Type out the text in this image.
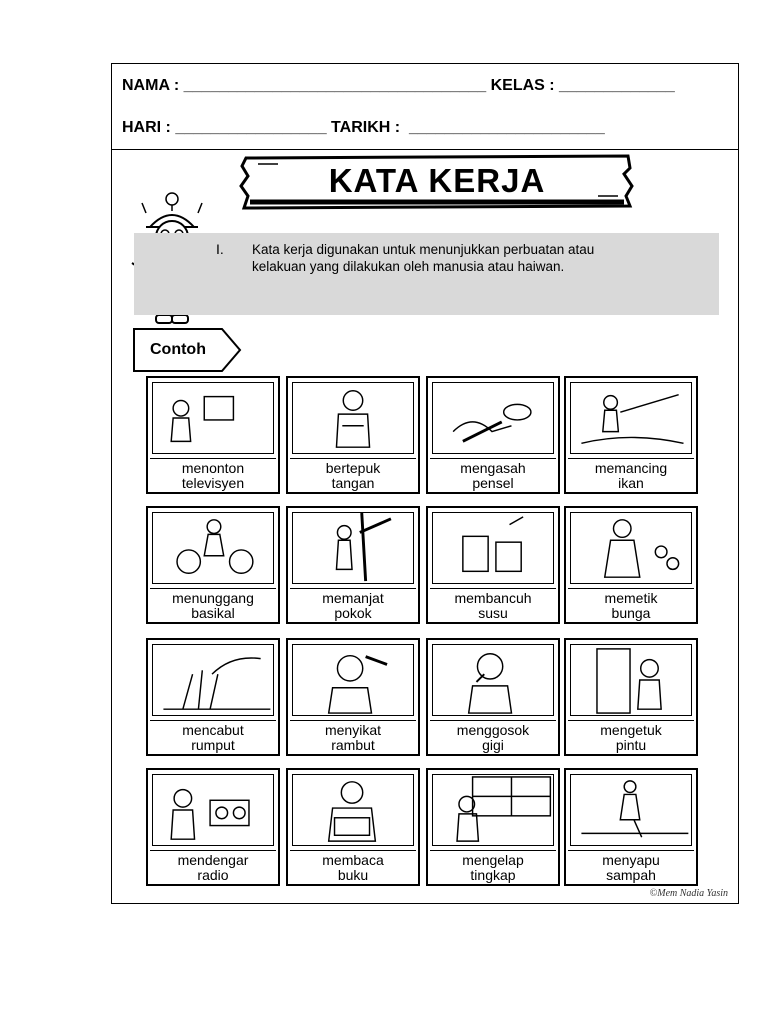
NAMA : __________________________________ KELAS : _____________
HARI : _________________ TARIKH :  ______________________
KATA KERJA
I. Kata kerja digunakan untuk menunjukkan perbuatan atau
kelakuan yang dilakukan oleh manusia atau haiwan.
Contoh
menonton
televisyen
bertepuk
tangan
mengasah
pensel
memancing
ikan
menunggang
basikal
memanjat
pokok
membancuh
susu
memetik
bunga
mencabut
rumput
menyikat
rambut
menggosok
gigi
mengetuk
pintu
mendengar
radio
membaca
buku
mengelap
tingkap
menyapu
sampah
©Mem Nadia Yasin
